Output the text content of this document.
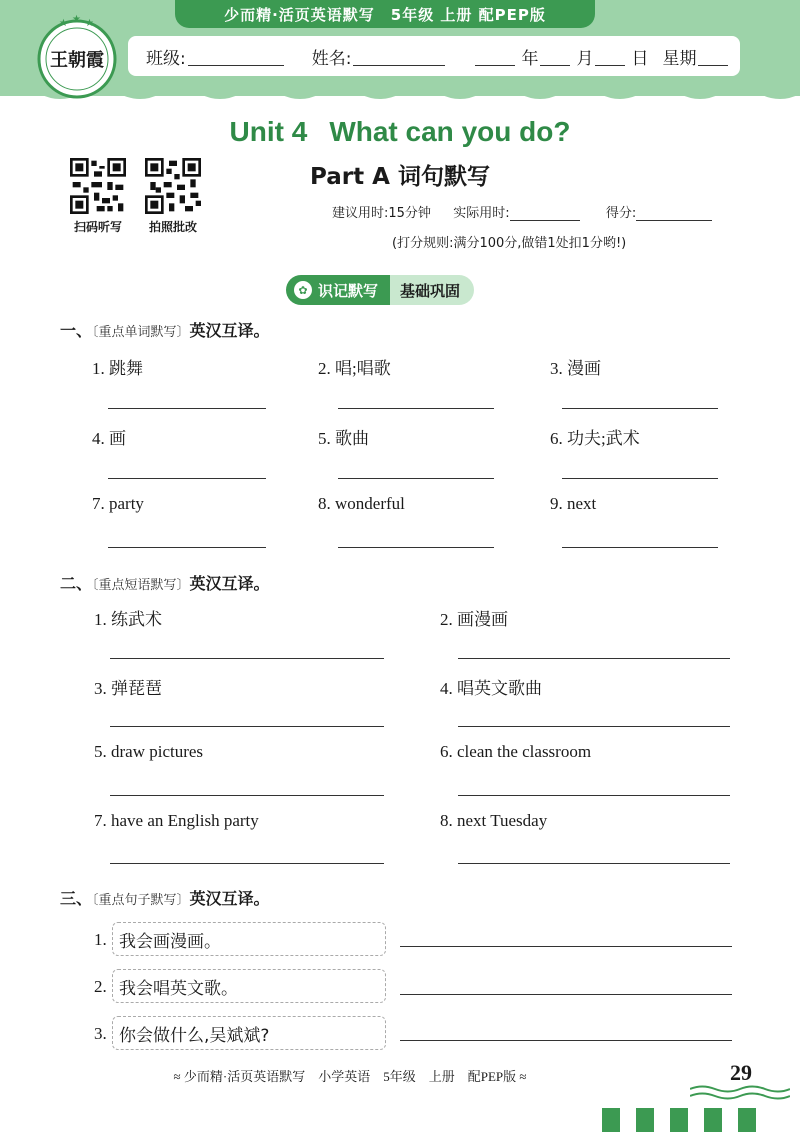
少而精·活页英语默写　5年级 上册 配PEP版
王朝霞
★ ★ ★
班级:	姓名:	年 月 日 星期
Unit 4 What can you do?
Part A 词句默写
扫码听写	拍照批改
建议用时:15分钟 实际用时:	得分:
(打分规则:满分100分,做错1处扣1分哟!)
✿ 识记默写	基础巩固
一、〔重点单词默写〕英汉互译。
1. 跳舞	2. 唱;唱歌	3. 漫画
4. 画	5. 歌曲	6. 功夫;武术
7. party	8. wonderful	9. next
二、〔重点短语默写〕英汉互译。
1. 练武术	2. 画漫画
3. 弹琵琶	4. 唱英文歌曲
5. draw pictures	6. clean the classroom
7. have an English party	8. next Tuesday
三、〔重点句子默写〕英汉互译。
1. 我会画漫画。
2. 我会唱英文歌。
3. 你会做什么,吴斌斌?
≈ 少而精·活页英语默写　小学英语　5年级　上册　配PEP版 ≈	29
